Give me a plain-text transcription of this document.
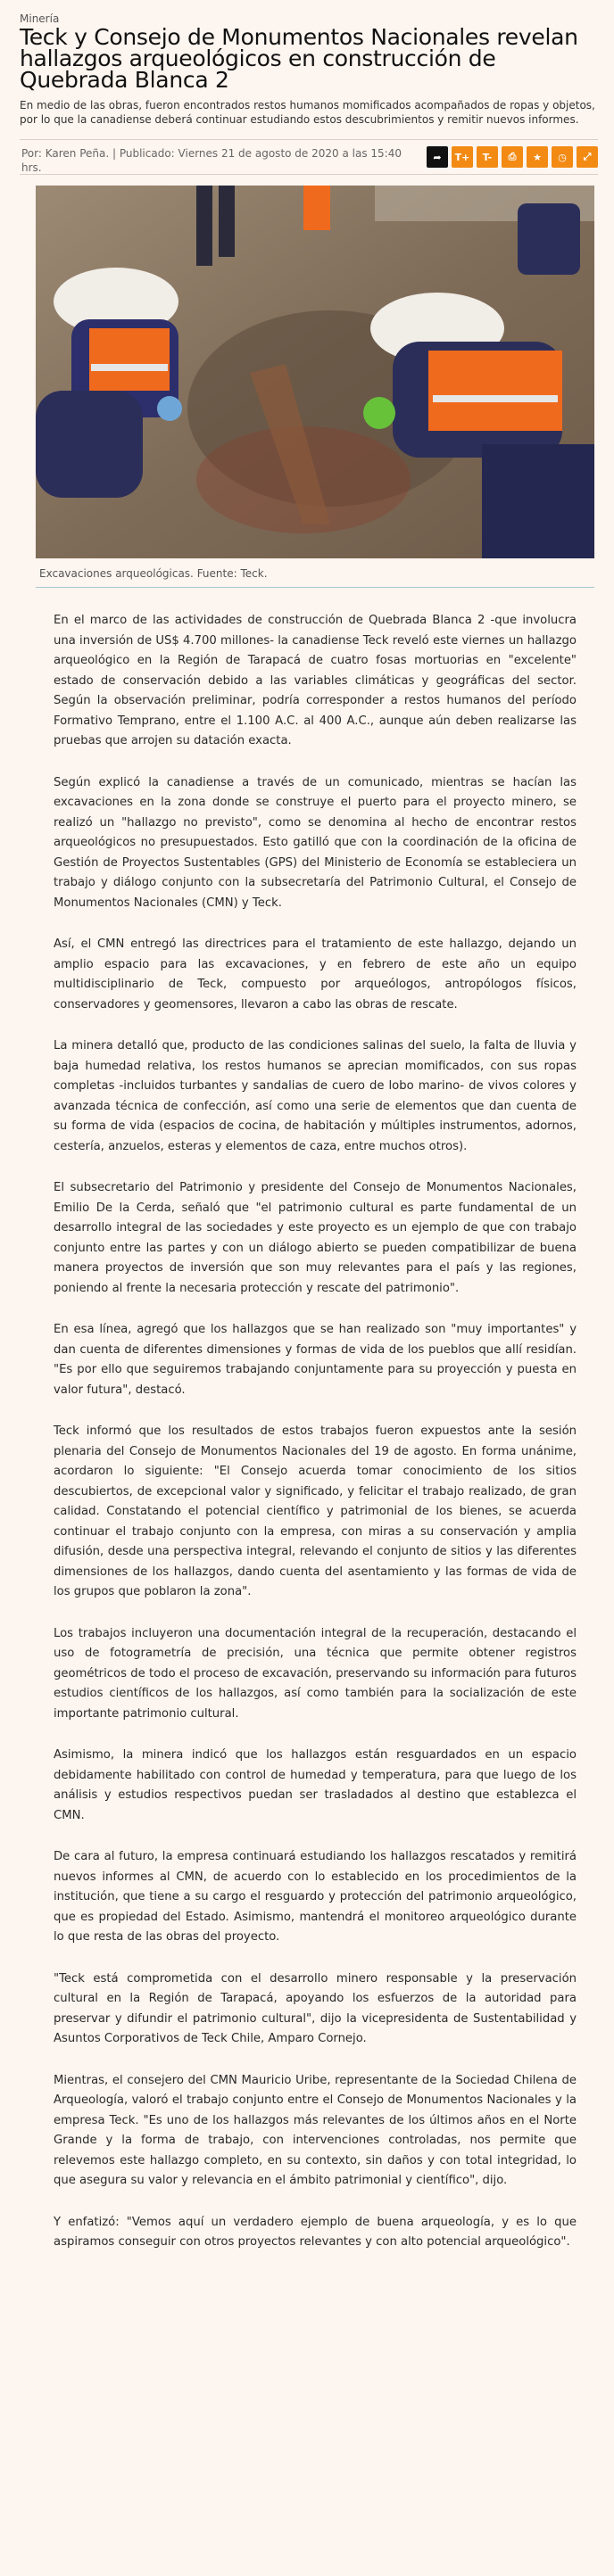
Minería
Teck y Consejo de Monumentos Nacionales revelan hallazgos arqueológicos en construcción de Quebrada Blanca 2
En medio de las obras, fueron encontrados restos humanos momificados acompañados de ropas y objetos, por lo que la canadiense deberá continuar estudiando estos descubrimientos y remitir nuevos informes.
Por: Karen Peña. | Publicado: Viernes 21 de agosto de 2020 a las 15:40 hrs.
➦	T+	T-	⎙	★	◷	⤢
Excavaciones arqueológicas. Fuente: Teck.

En el marco de las actividades de construcción de Quebrada Blanca 2 -que involucra una inversión de US$ 4.700 millones- la canadiense Teck reveló este viernes un hallazgo arqueológico en la Región de Tarapacá de cuatro fosas mortuorias en "excelente" estado de conservación debido a las variables climáticas y geográficas del sector. Según la observación preliminar, podría corresponder a restos humanos del período Formativo Temprano, entre el 1.100 A.C. al 400 A.C., aunque aún deben realizarse las pruebas que arrojen su datación exacta.

Según explicó la canadiense a través de un comunicado, mientras se hacían las excavaciones en la zona donde se construye el puerto para el proyecto minero, se realizó un "hallazgo no previsto", como se denomina al hecho de encontrar restos arqueológicos no presupuestados. Esto gatilló que con la coordinación de la oficina de Gestión de Proyectos Sustentables (GPS) del Ministerio de Economía se estableciera un trabajo y diálogo conjunto con la subsecretaría del Patrimonio Cultural, el Consejo de Monumentos Nacionales (CMN) y Teck.

Así, el CMN entregó las directrices para el tratamiento de este hallazgo, dejando un amplio espacio para las excavaciones, y en febrero de este año un equipo multidisciplinario de Teck, compuesto por arqueólogos, antropólogos físicos, conservadores y geomensores, llevaron a cabo las obras de rescate.

La minera detalló que, producto de las condiciones salinas del suelo, la falta de lluvia y baja humedad relativa, los restos humanos se aprecian momificados, con sus ropas completas -incluidos turbantes y sandalias de cuero de lobo marino- de vivos colores y avanzada técnica de confección, así como una serie de elementos que dan cuenta de su forma de vida (espacios de cocina, de habitación y múltiples instrumentos, adornos, cestería, anzuelos, esteras y elementos de caza, entre muchos otros).

El subsecretario del Patrimonio y presidente del Consejo de Monumentos Nacionales, Emilio De la Cerda, señaló que "el patrimonio cultural es parte fundamental de un desarrollo integral de las sociedades y este proyecto es un ejemplo de que con trabajo conjunto entre las partes y con un diálogo abierto se pueden compatibilizar de buena manera proyectos de inversión que son muy relevantes para el país y las regiones, poniendo al frente la necesaria protección y rescate del patrimonio".

En esa línea, agregó que los hallazgos que se han realizado son "muy importantes" y dan cuenta de diferentes dimensiones y formas de vida de los pueblos que allí residían. "Es por ello que seguiremos trabajando conjuntamente para su proyección y puesta en valor futura", destacó.

Teck informó que los resultados de estos trabajos fueron expuestos ante la sesión plenaria del Consejo de Monumentos Nacionales del 19 de agosto. En forma unánime, acordaron lo siguiente: "El Consejo acuerda tomar conocimiento de los sitios descubiertos, de excepcional valor y significado, y felicitar el trabajo realizado, de gran calidad. Constatando el potencial científico y patrimonial de los bienes, se acuerda continuar el trabajo conjunto con la empresa, con miras a su conservación y amplia difusión, desde una perspectiva integral, relevando el conjunto de sitios y las diferentes dimensiones de los hallazgos, dando cuenta del asentamiento y las formas de vida de los grupos que poblaron la zona".

Los trabajos incluyeron una documentación integral de la recuperación, destacando el uso de fotogrametría de precisión, una técnica que permite obtener registros geométricos de todo el proceso de excavación, preservando su información para futuros estudios científicos de los hallazgos, así como también para la socialización de este importante patrimonio cultural.

Asimismo, la minera indicó que los hallazgos están resguardados en un espacio debidamente habilitado con control de humedad y temperatura, para que luego de los análisis y estudios respectivos puedan ser trasladados al destino que establezca el CMN.

De cara al futuro, la empresa continuará estudiando los hallazgos rescatados y remitirá nuevos informes al CMN, de acuerdo con lo establecido en los procedimientos de la institución, que tiene a su cargo el resguardo y protección del patrimonio arqueológico, que es propiedad del Estado. Asimismo, mantendrá el monitoreo arqueológico durante lo que resta de las obras del proyecto.

"Teck está comprometida con el desarrollo minero responsable y la preservación cultural en la Región de Tarapacá, apoyando los esfuerzos de la autoridad para preservar y difundir el patrimonio cultural", dijo la vicepresidenta de Sustentabilidad y Asuntos Corporativos de Teck Chile, Amparo Cornejo.

Mientras, el consejero del CMN Mauricio Uribe, representante de la Sociedad Chilena de Arqueología, valoró el trabajo conjunto entre el Consejo de Monumentos Nacionales y la empresa Teck. "Es uno de los hallazgos más relevantes de los últimos años en el Norte Grande y la forma de trabajo, con intervenciones controladas, nos permite que relevemos este hallazgo completo, en su contexto, sin daños y con total integridad, lo que asegura su valor y relevancia en el ámbito patrimonial y científico", dijo.

Y enfatizó: "Vemos aquí un verdadero ejemplo de buena arqueología, y es lo que aspiramos conseguir con otros proyectos relevantes y con alto potencial arqueológico".
